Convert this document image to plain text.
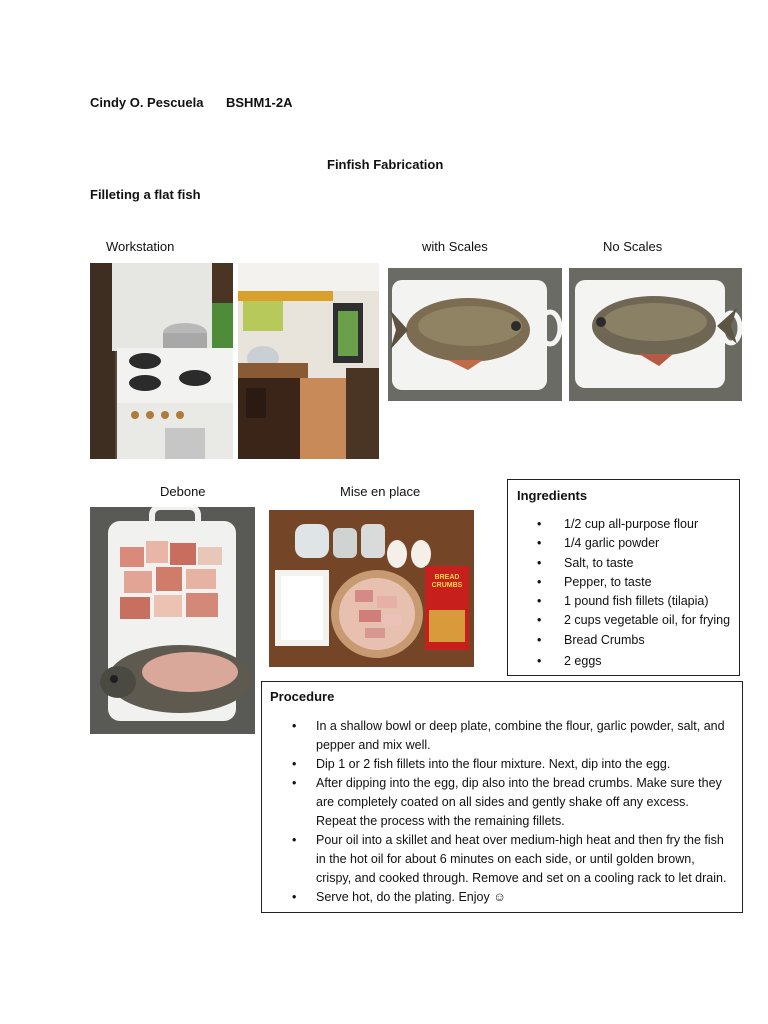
Cindy O. Pescuela BSHM1-2A
Finfish Fabrication
Filleting a flat fish
Workstation	with Scales	No Scales
Debone	Mise en place
BREAD CRUMBS
Ingredients
• 1/2 cup all-purpose flour
• 1/4 garlic powder
• Salt, to taste
• Pepper, to taste
• 1 pound fish fillets (tilapia)
• 2 cups vegetable oil, for frying
• Bread Crumbs
• 2 eggs
Procedure
• In a shallow bowl or deep plate, combine the flour, garlic powder, salt, and pepper and mix well.
• Dip 1 or 2 fish fillets into the flour mixture. Next, dip into the egg.
• After dipping into the egg, dip also into the bread crumbs. Make sure they are completely coated on all sides and gently shake off any excess. Repeat the process with the remaining fillets.
• Pour oil into a skillet and heat over medium-high heat and then fry the fish in the hot oil for about 6 minutes on each side, or until golden brown, crispy, and cooked through. Remove and set on a cooling rack to let drain.
• Serve hot, do the plating. Enjoy ☺
